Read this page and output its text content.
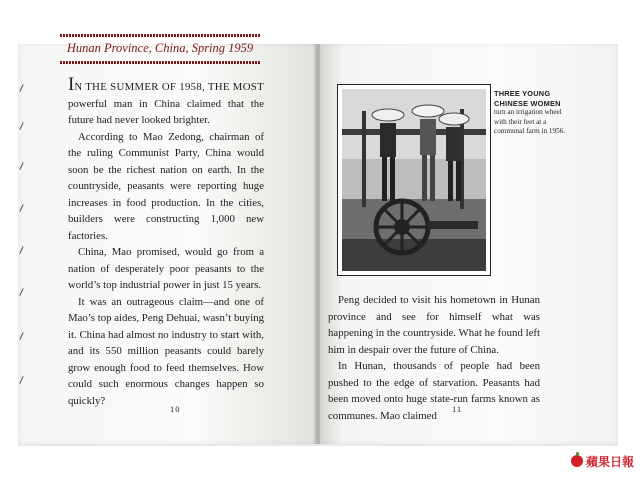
Hunan Province, China, Spring 1959

IN THE SUMMER OF 1958, THE MOST powerful man in China claimed that the future had never looked brighter.

According to Mao Zedong, chairman of the ruling Communist Party, China would soon be the richest nation on earth. In the countryside, peasants were reporting huge increases in food production. In the cities, builders were constructing 1,000 new factories.

China, Mao promised, would go from a nation of desperately poor peasants to the world’s top industrial power in just 15 years.

It was an outrageous claim—and one of Mao’s top aides, Peng Dehuai, wasn’t buying it. China had almost no industry to start with, and its 550 million peasants could barely grow enough food to feed themselves. How could such enormous changes happen so quickly?

10
THREE YOUNG CHINESE WOMEN
turn an irrigation wheel with their feet at a communal farm in 1956.

Peng decided to visit his hometown in Hunan province and see for himself what was happening in the countryside. What he found left him in despair over the future of China.

In Hunan, thousands of people had been pushed to the edge of starvation. Peasants had been moved onto huge state-run farms known as communes. Mao claimed

11
蘋果日報
